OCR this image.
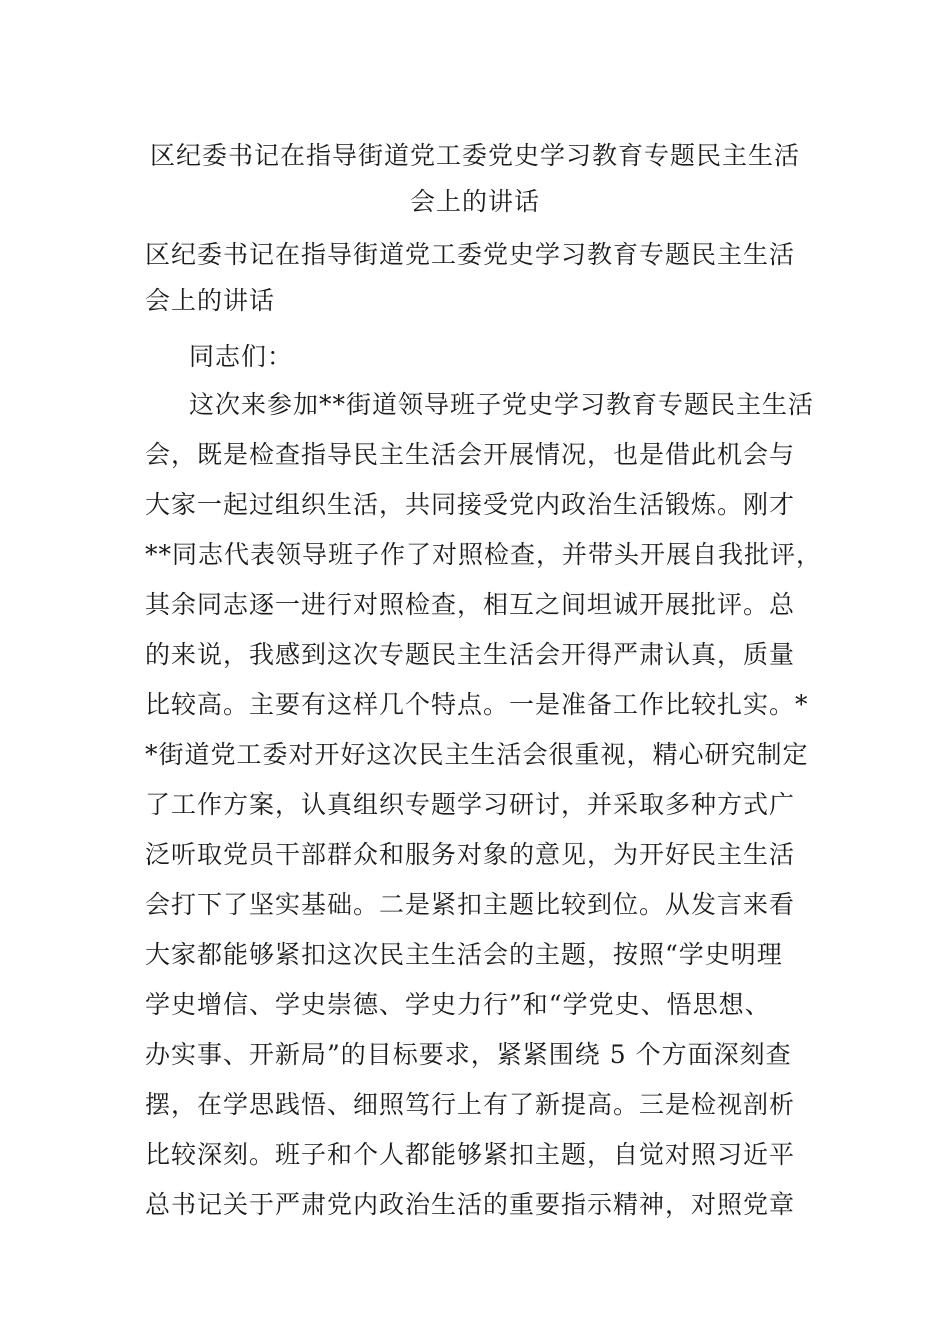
区纪委书记在指导街道党工委党史学习教育专题民主生活
会上的讲话
区纪委书记在指导街道党工委党史学习教育专题民主生活
会上的讲话
同志们：
这次来参加**街道领导班子党史学习教育专题民主生活
会，既是检查指导民主生活会开展情况，也是借此机会与
大家一起过组织生活，共同接受党内政治生活锻炼。刚才
**同志代表领导班子作了对照检查，并带头开展自我批评，
其余同志逐一进行对照检查，相互之间坦诚开展批评。总
的来说，我感到这次专题民主生活会开得严肃认真，质量
比较高。主要有这样几个特点。一是准备工作比较扎实。*
*街道党工委对开好这次民主生活会很重视，精心研究制定
了工作方案，认真组织专题学习研讨，并采取多种方式广
泛听取党员干部群众和服务对象的意见，为开好民主生活
会打下了坚实基础。二是紧扣主题比较到位。从发言来看
大家都能够紧扣这次民主生活会的主题，按照“学史明理
学史增信、学史崇德、学史力行”和“学党史、悟思想、
办实事、开新局”的目标要求，紧紧围绕 5 个方面深刻查
摆，在学思践悟、细照笃行上有了新提高。三是检视剖析
比较深刻。班子和个人都能够紧扣主题，自觉对照习近平
总书记关于严肃党内政治生活的重要指示精神，对照党章
